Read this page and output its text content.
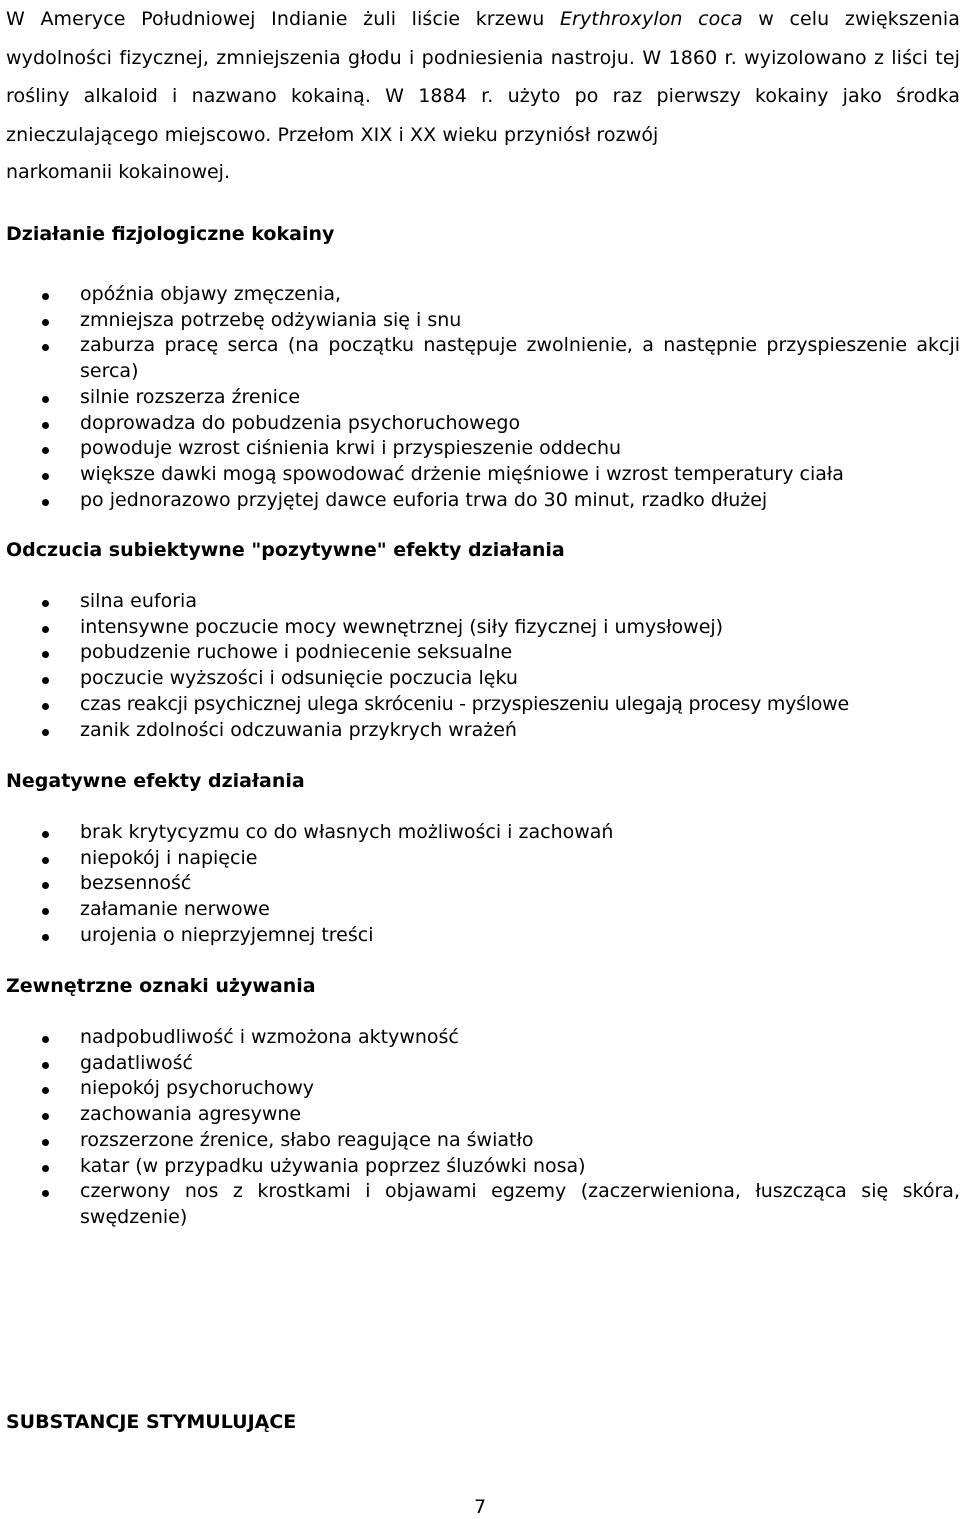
W Ameryce Południowej Indianie żuli liście krzewu Erythroxylon coca w celu zwiększenia wydolności fizycznej, zmniejszenia głodu i podniesienia nastroju. W 1860 r. wyizolowano z liści tej rośliny alkaloid i nazwano kokainą. W 1884 r. użyto po raz pierwszy kokainy jako środka znieczulającego miejscowo. Przełom XIX i XX wieku przyniósł rozwój

narkomanii kokainowej.

Działanie fizjologiczne kokainy
opóźnia objawy zmęczenia,
zmniejsza potrzebę odżywiania się i snu
zaburza pracę serca (na początku następuje zwolnienie, a następnie przyspieszenie akcji serca)
silnie rozszerza źrenice
doprowadza do pobudzenia psychoruchowego
powoduje wzrost ciśnienia krwi i przyspieszenie oddechu
większe dawki mogą spowodować drżenie mięśniowe i wzrost temperatury ciała
po jednorazowo przyjętej dawce euforia trwa do 30 minut, rzadko dłużej
Odczucia subiektywne "pozytywne" efekty działania
silna euforia
intensywne poczucie mocy wewnętrznej (siły fizycznej i umysłowej)
pobudzenie ruchowe i podniecenie seksualne
poczucie wyższości i odsunięcie poczucia lęku
czas reakcji psychicznej ulega skróceniu - przyspieszeniu ulegają procesy myślowe
zanik zdolności odczuwania przykrych wrażeń
Negatywne efekty działania
brak krytycyzmu co do własnych możliwości i zachowań
niepokój i napięcie
bezsenność
załamanie nerwowe
urojenia o nieprzyjemnej treści
Zewnętrzne oznaki używania
nadpobudliwość i wzmożona aktywność
gadatliwość
niepokój psychoruchowy
zachowania agresywne
rozszerzone źrenice, słabo reagujące na światło
katar (w przypadku używania poprzez śluzówki nosa)
czerwony nos z krostkami i objawami egzemy (zaczerwieniona, łuszcząca się skóra, swędzenie)
SUBSTANCJE STYMULUJĄCE
7
